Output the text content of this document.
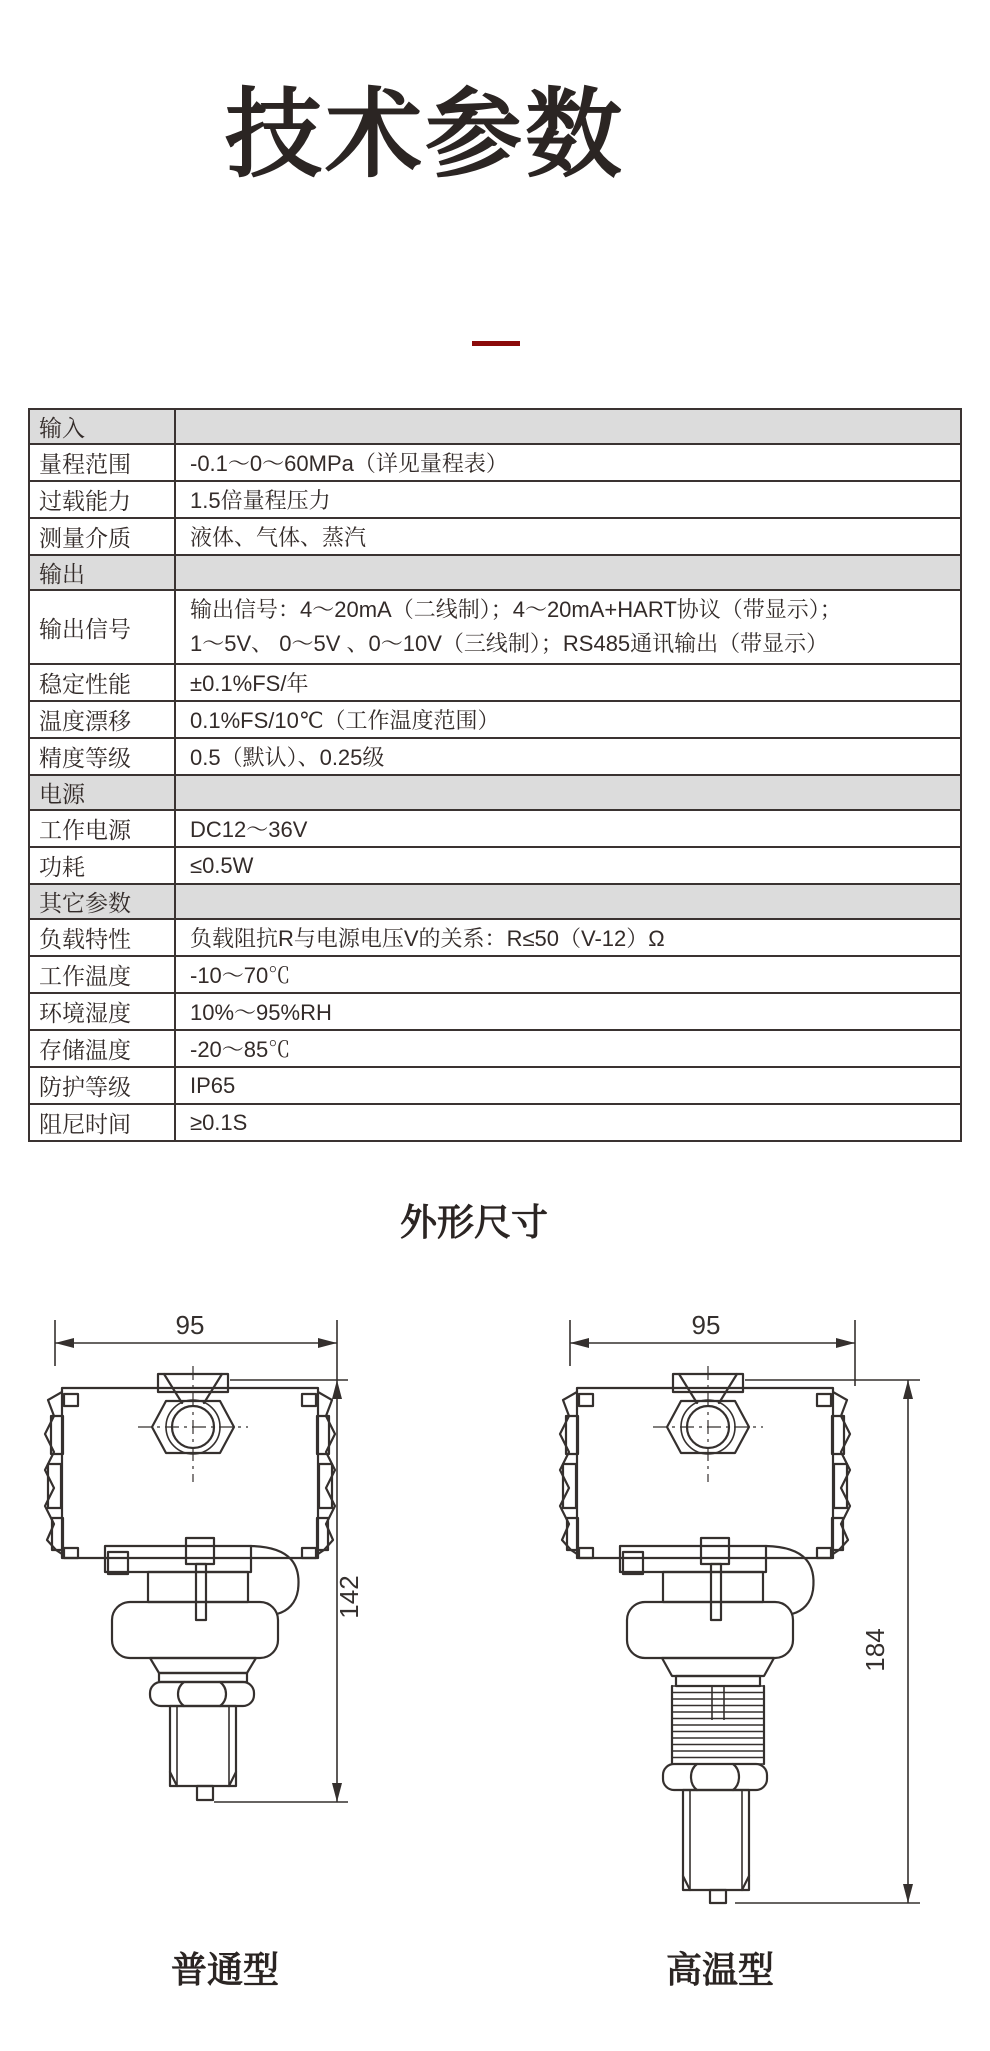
技术参数
输入	
量程范围	-0.1～0～60MPa（详见量程表）
过载能力	1.5倍量程压力
测量介质	液体、气体、蒸汽
输出	
输出信号	输出信号：4～20mA（二线制）；4～20mA+HART协议（带显示）；
1～5V、 0～5V 、0～10V（三线制）；RS485通讯输出（带显示）

稳定性能	±0.1%FS/年
温度漂移	0.1%FS/10℃（工作温度范围）
精度等级	0.5（默认）、0.25级
电源	
工作电源	DC12～36V
功耗	≤0.5W
其它参数	
负载特性	负载阻抗R与电源电压V的关系：R≤50（V-12）Ω
工作温度	-10～70℃
环境湿度	10%～95%RH
存储温度	-20～85℃
防护等级	IP65
阻尼时间	≥0.1S
外形尺寸
95
142
95
184
普通型	高温型
